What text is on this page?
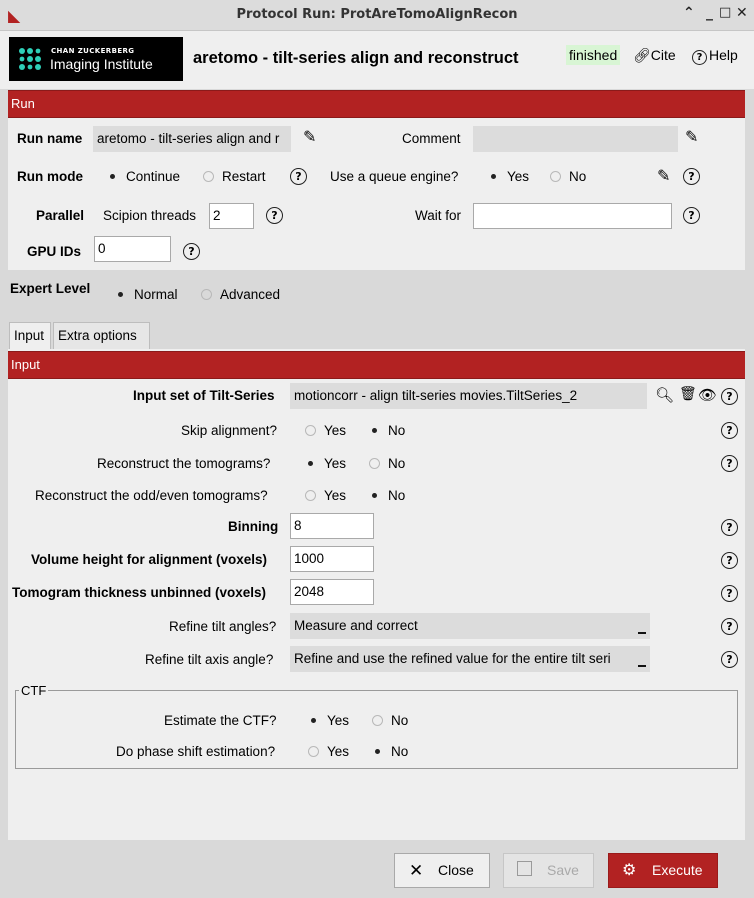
◣	Protocol Run: ProtAreTomoAlignRecon	⌃ _ □ ✕
CHAN ZUCKERBERG
Imaging Institute aretomo - tilt-series align and reconstruct	finished 🔗︎Cite	? Help
Run
Run name aretomo - tilt-series align and r	✎	Comment	✎
Run mode	Continue	Restart	?	Use a queue engine?	Yes	No	✎	?
Parallel Scipion threads 2	?	Wait for	?
GPU IDs 0	?
Expert Level	Normal	Advanced
Input	Extra options
Input
Input set of Tilt-Series motioncorr - align tilt-series movies.TiltSeries_2	🔍︎ 🗑︎ 👁︎ ?
Skip alignment?	Yes	No	?
Reconstruct the tomograms?	Yes	No	?
Reconstruct the odd/even tomograms?	Yes	No
Binning 8	?
Volume height for alignment (voxels) 1000	?
Tomogram thickness unbinned (voxels) 2048	?
Refine tilt angles? Measure and correct	?
Refine tilt axis angle? Refine and use the refined value for the entire tilt seri	?
CTF
Estimate the CTF?	Yes	No
Do phase shift estimation?	Yes	No
✕ Close	Save	⚙ Execute
